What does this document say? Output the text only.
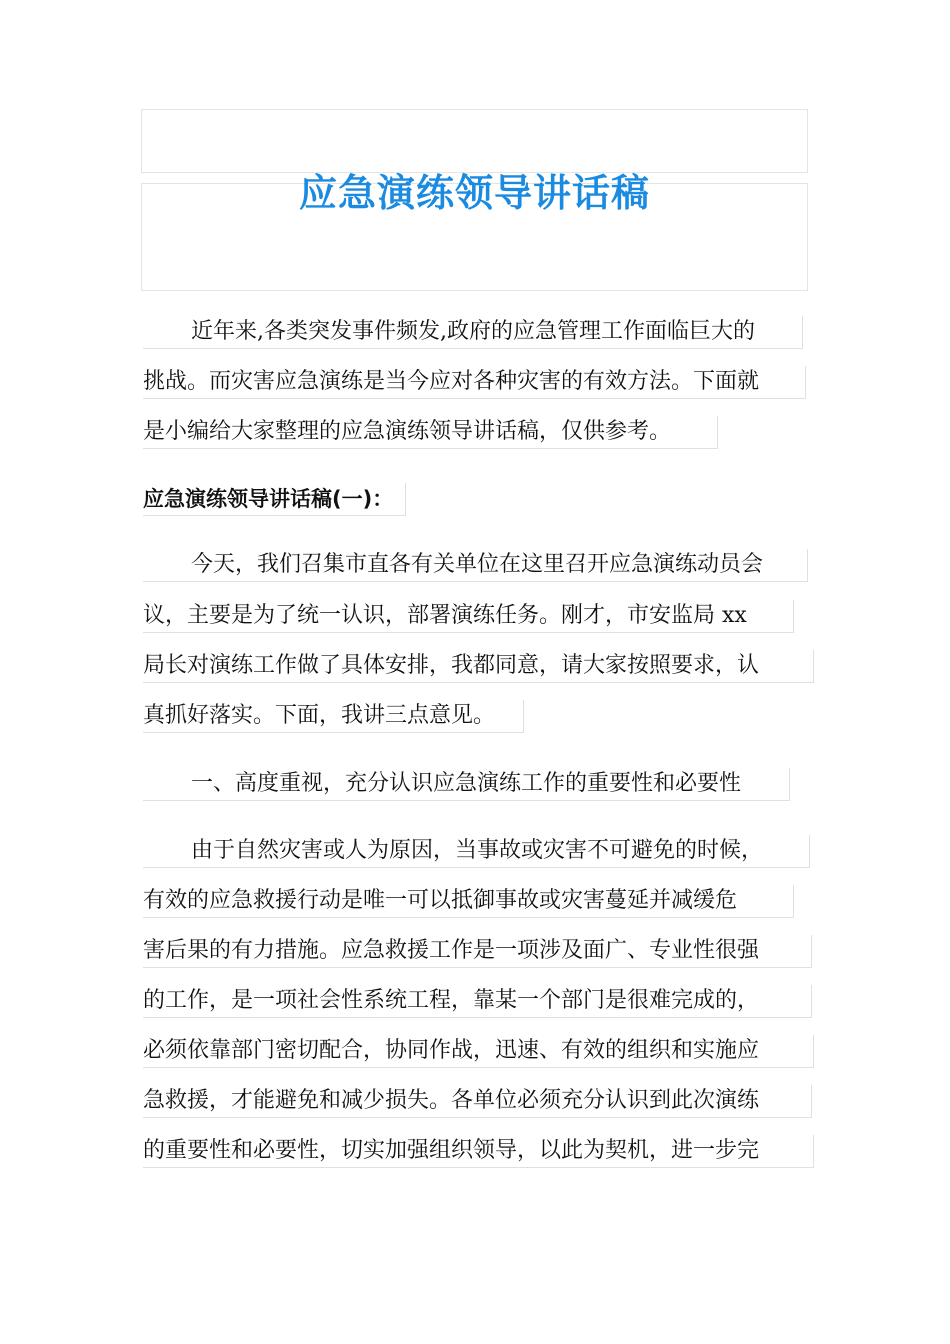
应急演练领导讲话稿
近年来,各类突发事件频发,政府的应急管理工作面临巨大的
挑战。而灾害应急演练是当今应对各种灾害的有效方法。下面就
是小编给大家整理的应急演练领导讲话稿，仅供参考。
应急演练领导讲话稿(一)：
今天，我们召集市直各有关单位在这里召开应急演练动员会
议，主要是为了统一认识，部署演练任务。刚才，市安监局 xx
局长对演练工作做了具体安排，我都同意，请大家按照要求，认
真抓好落实。下面，我讲三点意见。
一、高度重视，充分认识应急演练工作的重要性和必要性
由于自然灾害或人为原因，当事故或灾害不可避免的时候，
有效的应急救援行动是唯一可以抵御事故或灾害蔓延并减缓危
害后果的有力措施。应急救援工作是一项涉及面广、专业性很强
的工作，是一项社会性系统工程，靠某一个部门是很难完成的，
必须依靠部门密切配合，协同作战，迅速、有效的组织和实施应
急救援，才能避免和减少损失。各单位必须充分认识到此次演练
的重要性和必要性，切实加强组织领导，以此为契机，进一步完
